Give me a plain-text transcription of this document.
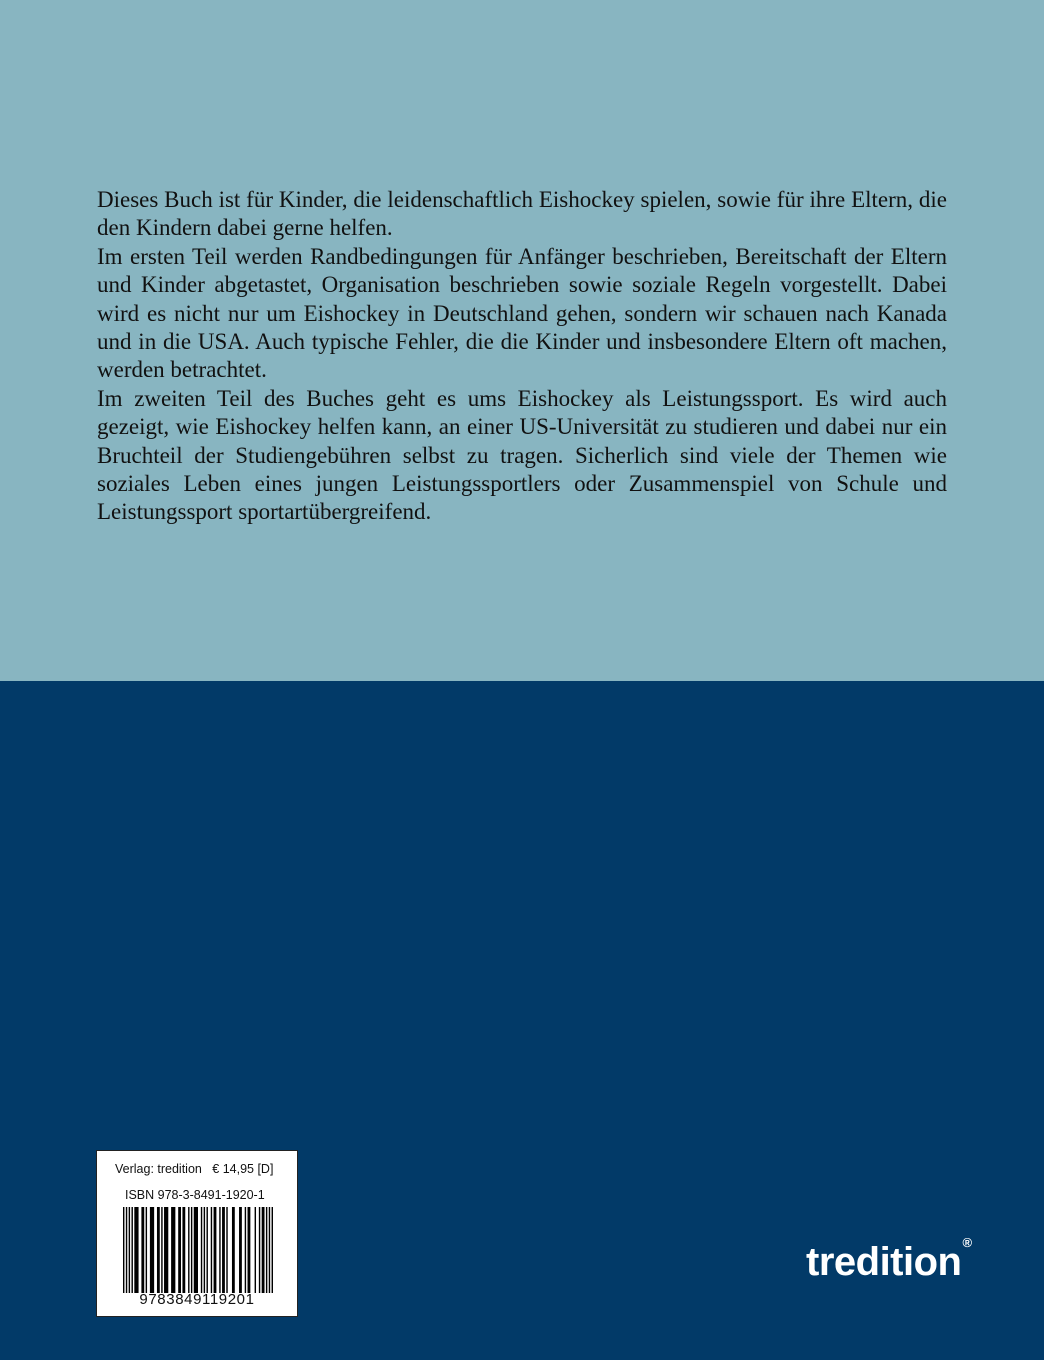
Dieses Buch ist für Kinder, die leidenschaftlich Eishockey spielen, sowie für ihre Eltern, die den Kindern dabei gerne helfen.

Im ersten Teil werden Randbedingungen für Anfänger beschrieben, Bereitschaft der Eltern und Kinder abgetastet, Organisation beschrieben sowie soziale Regeln vorgestellt. Dabei wird es nicht nur um Eishockey in Deutschland gehen, sondern wir schauen nach Kanada und in die USA. Auch typische Fehler, die die Kinder und insbesondere Eltern oft machen, werden betrachtet.

Im zweiten Teil des Buches geht es ums Eishockey als Leistungssport. Es wird auch gezeigt, wie Eishockey helfen kann, an einer US-Universität zu studieren und dabei nur ein Bruchteil der Studiengebühren selbst zu tragen. Sicherlich sind viele der Themen wie soziales Leben eines jungen Leistungssportlers oder Zusammenspiel von Schule und Leistungssport sportartübergreifend.

Verlag: tredition   € 14,95 [D]
ISBN 978-3-8491-1920-1
9783849119201
tredition®
